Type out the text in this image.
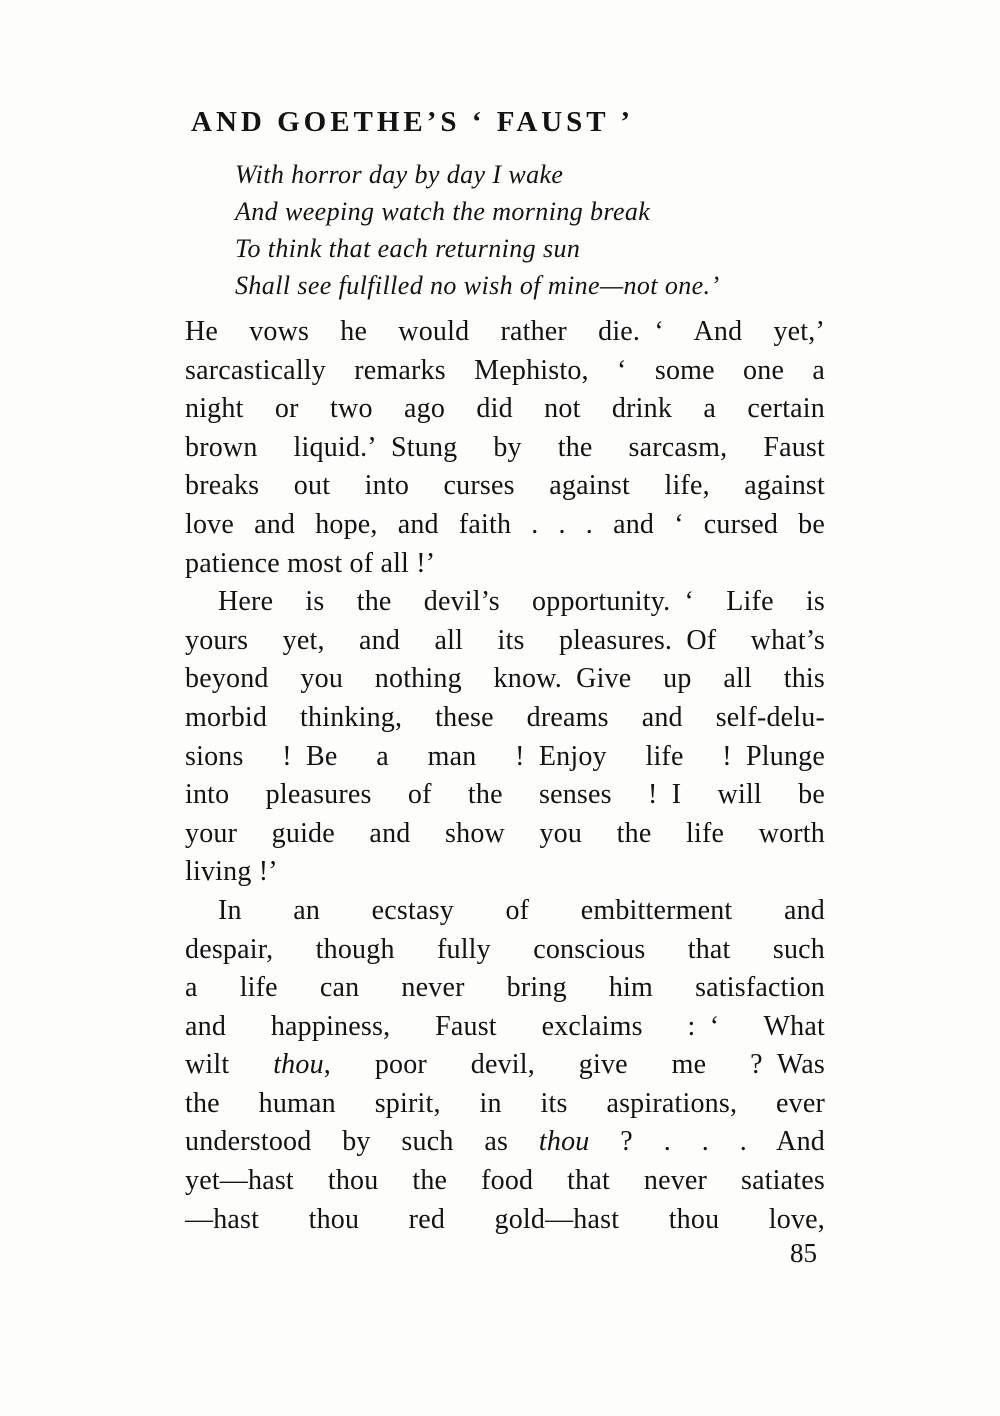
AND GOETHE’S ‘ FAUST ’
With horror day by day I wake
And weeping watch the morning break
To think that each returning sun
Shall see fulfilled no wish of mine—not one.’
He vows he would rather die. ‘ And yet,’
sarcastically remarks Mephisto, ‘ some one a
night or two ago did not drink a certain
brown liquid.’ Stung by the sarcasm, Faust
breaks out into curses against life, against
love and hope, and faith . . . and ‘ cursed be
patience most of all !’
Here is the devil’s opportunity. ‘ Life is
yours yet, and all its pleasures. Of what’s
beyond you nothing know. Give up all this
morbid thinking, these dreams and self-delu-
sions ! Be a man ! Enjoy life ! Plunge
into pleasures of the senses ! I will be
your guide and show you the life worth
living !’
In an ecstasy of embitterment and
despair, though fully conscious that such
a life can never bring him satisfaction
and happiness, Faust exclaims : ‘ What
wilt thou, poor devil, give me ? Was
the human spirit, in its aspirations, ever
understood by such as thou ? . . . And
yet—hast thou the food that never satiates
—hast thou red gold—hast thou love,
85
